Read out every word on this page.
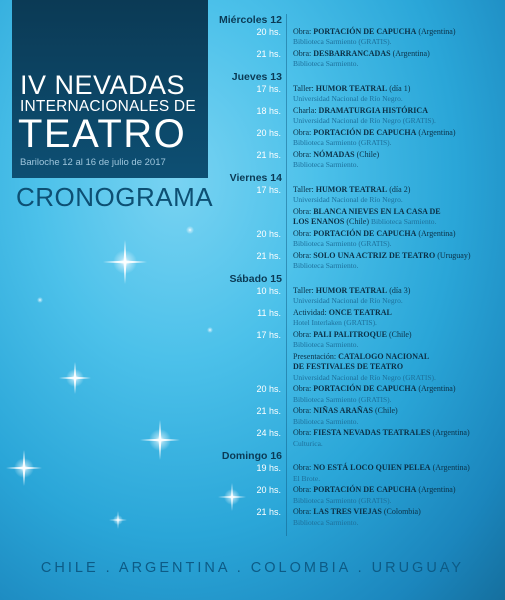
IV NEVADAS
INTERNACIONALES DE
TEATRO
Bariloche 12 al 16 de julio de 2017
CRONOGRAMA
Miércoles 12
20 hs. Obra: PORTACIÓN DE CAPUCHA (Argentina)
Biblioteca Sarmiento (GRATIS).
21 hs. Obra: DESBARRANCADAS (Argentina)
Biblioteca Sarmiento.
Jueves 13
17 hs. Taller: HUMOR TEATRAL (día 1)
Universidad Nacional de Río Negro.
18 hs. Charla: DRAMATURGIA HISTÓRICA
Universidad Nacional de Río Negro (GRATIS).
20 hs. Obra: PORTACIÓN DE CAPUCHA (Argentina)
Biblioteca Sarmiento (GRATIS).
21 hs. Obra: NÓMADAS (Chile)
Biblioteca Sarmiento.
Viernes 14
17 hs. Taller: HUMOR TEATRAL (día 2)
Universidad Nacional de Río Negro.
Obra: BLANCA NIEVES EN LA CASA DE
LOS ENANOS (Chile) Biblioteca Sarmiento.
20 hs. Obra: PORTACIÓN DE CAPUCHA (Argentina)
Biblioteca Sarmiento (GRATIS).
21 hs. Obra: SOLO UNA ACTRIZ DE TEATRO (Uruguay)
Biblioteca Sarmiento.
Sábado 15
10 hs. Taller: HUMOR TEATRAL (día 3)
Universidad Nacional de Río Negro.
11 hs. Actividad: ONCE TEATRAL
Hotel Interlaken (GRATIS).
17 hs. Obra: PALI PALITROQUE (Chile)
Biblioteca Sarmiento.
Presentación: CATALOGO NACIONAL
DE FESTIVALES DE TEATRO
Universidad Nacional de Río Negro (GRATIS).
20 hs. Obra: PORTACIÓN DE CAPUCHA (Argentina)
Biblioteca Sarmiento (GRATIS).
21 hs. Obra: NIÑAS ARAÑAS (Chile)
Biblioteca Sarmiento.
24 hs. Obra: FIESTA NEVADAS TEATRALES (Argentina)
Culturica.
Domingo 16
19 hs. Obra: NO ESTÁ LOCO QUIEN PELEA (Argentina)
El Brote.
20 hs. Obra: PORTACIÓN DE CAPUCHA (Argentina)
Biblioteca Sarmiento (GRATIS).
21 hs. Obra: LAS TRES VIEJAS (Colombia)
Biblioteca Sarmiento.
CHILE . ARGENTINA . COLOMBIA . URUGUAY
